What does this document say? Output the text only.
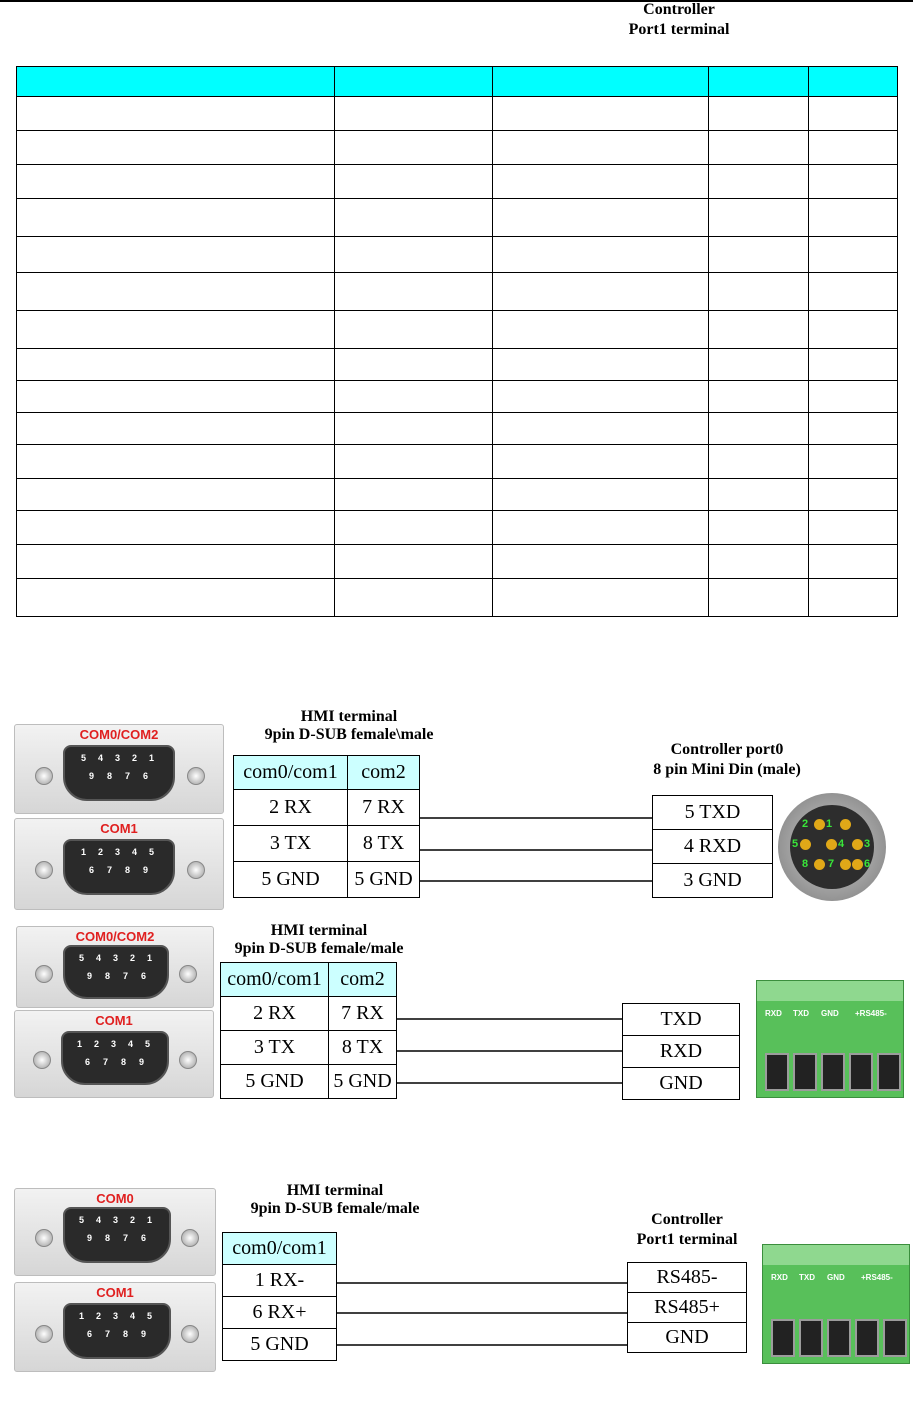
COM0/COM2
5 4 3 2 1
9 8 7 6
COM1
1 2 3 4 5
6 7 8 9
HMI terminal
9pin D-SUB female\male
com0/com1	com2
2 RX	7 RX
3 TX	8 TX
5 GND	5 GND
Controller port0
8 pin Mini Din (male)
5 TXD
4 RXD
3 GND
1
2
3
4
5
6
7
8
COM0/COM2
5 4 3 2 1
9 8 7 6
COM1
1 2 3 4 5
6 7 8 9
HMI terminal
9pin D-SUB female/male
com0/com1	com2
2 RX	7 RX
3 TX	8 TX
5 GND	5 GND
Controller
Port1 terminal
TXD
RXD
GND
RXD TXD GND +RS485-
COM0
5 4 3 2 1
9 8 7 6
COM1
1 2 3 4 5
6 7 8 9
HMI terminal
9pin D-SUB female/male
com0/com1
1 RX-
6 RX+
5 GND
Controller
Port1 terminal
RS485-
RS485+
GND
RXD TXD GND +RS485-
